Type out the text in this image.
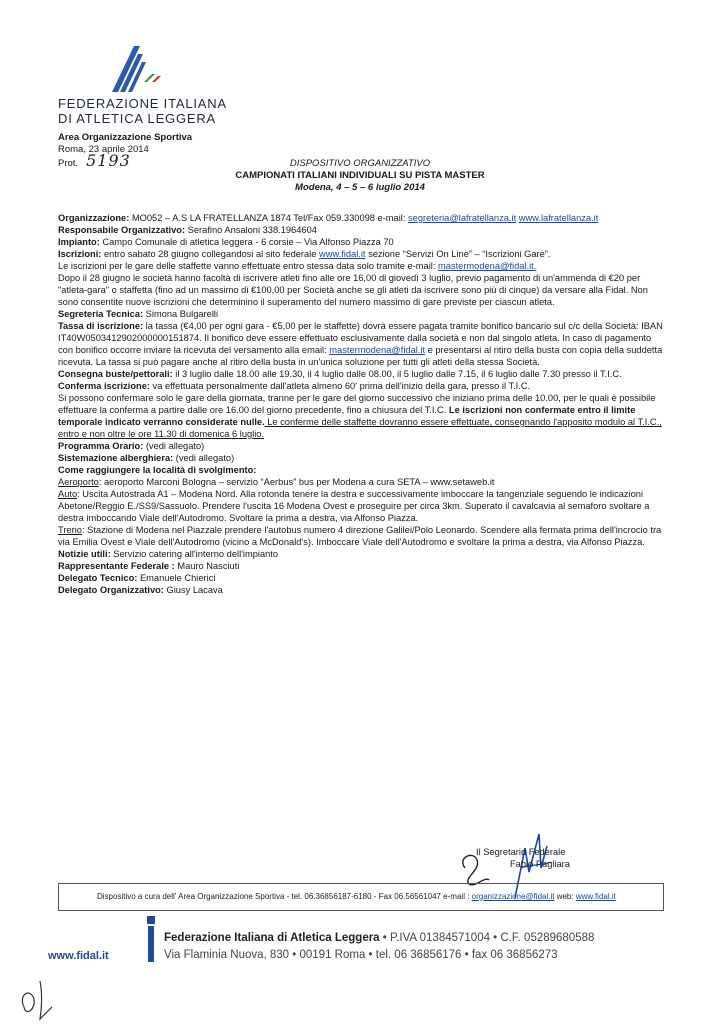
FEDERAZIONE ITALIANA
DI ATLETICA LEGGERA
Area Organizzazione Sportiva
Roma, 23 aprile 2014
Prot. 5193	DISPOSITIVO ORGANIZZATIVO
CAMPIONATI ITALIANI INDIVIDUALI SU PISTA MASTER
Modena, 4 – 5 – 6 luglio 2014

Organizzazione: MO052 – A.S LA FRATELLANZA 1874 Tel/Fax 059.330098 e-mail: segreteria@lafratellanza.it www.lafratellanza.it

Responsabile Organizzativo: Serafino Ansaloni 338.1964604

Impianto: Campo Comunale di atletica leggera - 6 corsie – Via Alfonso Piazza 70

Iscrizioni: entro sabato 28 giugno collegandosi al sito federale www.fidal.it sezione “Servizi On Line” – “Iscrizioni Gare”.
Le iscrizioni per le gare delle staffette vanno effettuate entro stessa data solo tramite e-mail: mastermodena@fidal.it.
Dopo il 28 giugno le società hanno facoltà di iscrivere atleti fino alle ore 16,00 di giovedì 3 luglio, previo pagamento di un'ammenda di €20 per "atleta-gara" o staffetta (fino ad un massimo di €100,00 per Società anche se gli atleti da iscrivere sono più di cinque) da versare alla Fidal. Non sono consentite nuove iscrizioni che determinino il superamento del numero massimo di gare previste per ciascun atleta.

Segreteria Tecnica: Simona Bulgarelli

Tassa di iscrizione: la tassa (€4,00 per ogni gara - €5,00 per le staffette) dovrà essere pagata tramite bonifico bancario sul c/c della Società: IBAN IT40W0503412902000000151874. Il bonifico deve essere effettuato esclusivamente dalla società e non dal singolo atleta. In caso di pagamento con bonifico occorre inviare la ricevuta del versamento alla email: mastermodena@fidal.it e presentarsi al ritiro della busta con copia della suddetta ricevuta. La tassa si può pagare anche al ritiro della busta in un'unica soluzione per tutti gli atleti della stessa Società.

Consegna buste/pettorali: il 3 luglio dalle 18.00 alle 19.30, il 4 luglio dalle 08.00, il 5 luglio dalle 7.15, il 6 luglio dalle 7.30 presso il T.I.C.

Conferma iscrizione: va effettuata personalmente dall'atleta almeno 60' prima dell'inizio della gara, presso il T.I.C.
Si possono confermare solo le gare della giornata, tranne per le gare del giorno successivo che iniziano prima delle 10.00, per le quali è possibile effettuare la conferma a partire dalle ore 16.00 del giorno precedente, fino a chiusura del T.I.C. Le iscrizioni non confermate entro il limite temporale indicato verranno considerate nulle. Le conferme delle staffette dovranno essere effettuate, consegnando l'apposito modulo al T.I.C., entro e non oltre le ore 11.30 di domenica 6 luglio.

Programma Orario: (vedi allegato)

Sistemazione alberghiera: (vedi allegato)

Come raggiungere la località di svolgimento:
Aeroporto: aeroporto Marconi Bologna – servizio “Aerbus” bus per Modena a cura SETA – www.setaweb.it
Auto: Uscita Autostrada A1 – Modena Nord. Alla rotonda tenere la destra e successivamente imboccare la tangenziale seguendo le indicazioni Abetone/Reggio E./SS9/Sassuolo. Prendere l'uscita 16 Modena Ovest e proseguire per circa 3km. Superato il cavalcavia al semaforo svoltare a destra imboccando Viale dell'Autodromo. Svoltare la prima a destra, via Alfonso Piazza.
Treno: Stazione di Modena nel Piazzale prendere l'autobus numero 4 direzione Galilei/Polo Leonardo. Scendere alla fermata prima dell'incrocio tra via Emilia Ovest e Viale dell'Autodromo (vicino a McDonald's). Imboccare Viale dell'Autodromo e svoltare la prima a destra, via Alfonso Piazza.

Notizie utili: Servizio catering all'interno dell'impianto

Rappresentante Federale : Mauro Nasciuti

Delegato Tecnico: Emanuele Chierici

Delegato Organizzativo: Giusy Lacava

Il Segretario Federale
Fabio Pagliara
Dispositivo a cura dell' Area Organizzazione Sportiva - tel. 06.36856187-6180 - Fax 06.56561047 e-mail : organizzazione@fidal.it web: www.fidal.it
www.fidal.it
Federazione Italiana di Atletica Leggera • P.IVA 01384571004 • C.F. 05289680588
Via Flaminia Nuova, 830 • 00191 Roma • tel. 06 36856176 • fax 06 36856273
